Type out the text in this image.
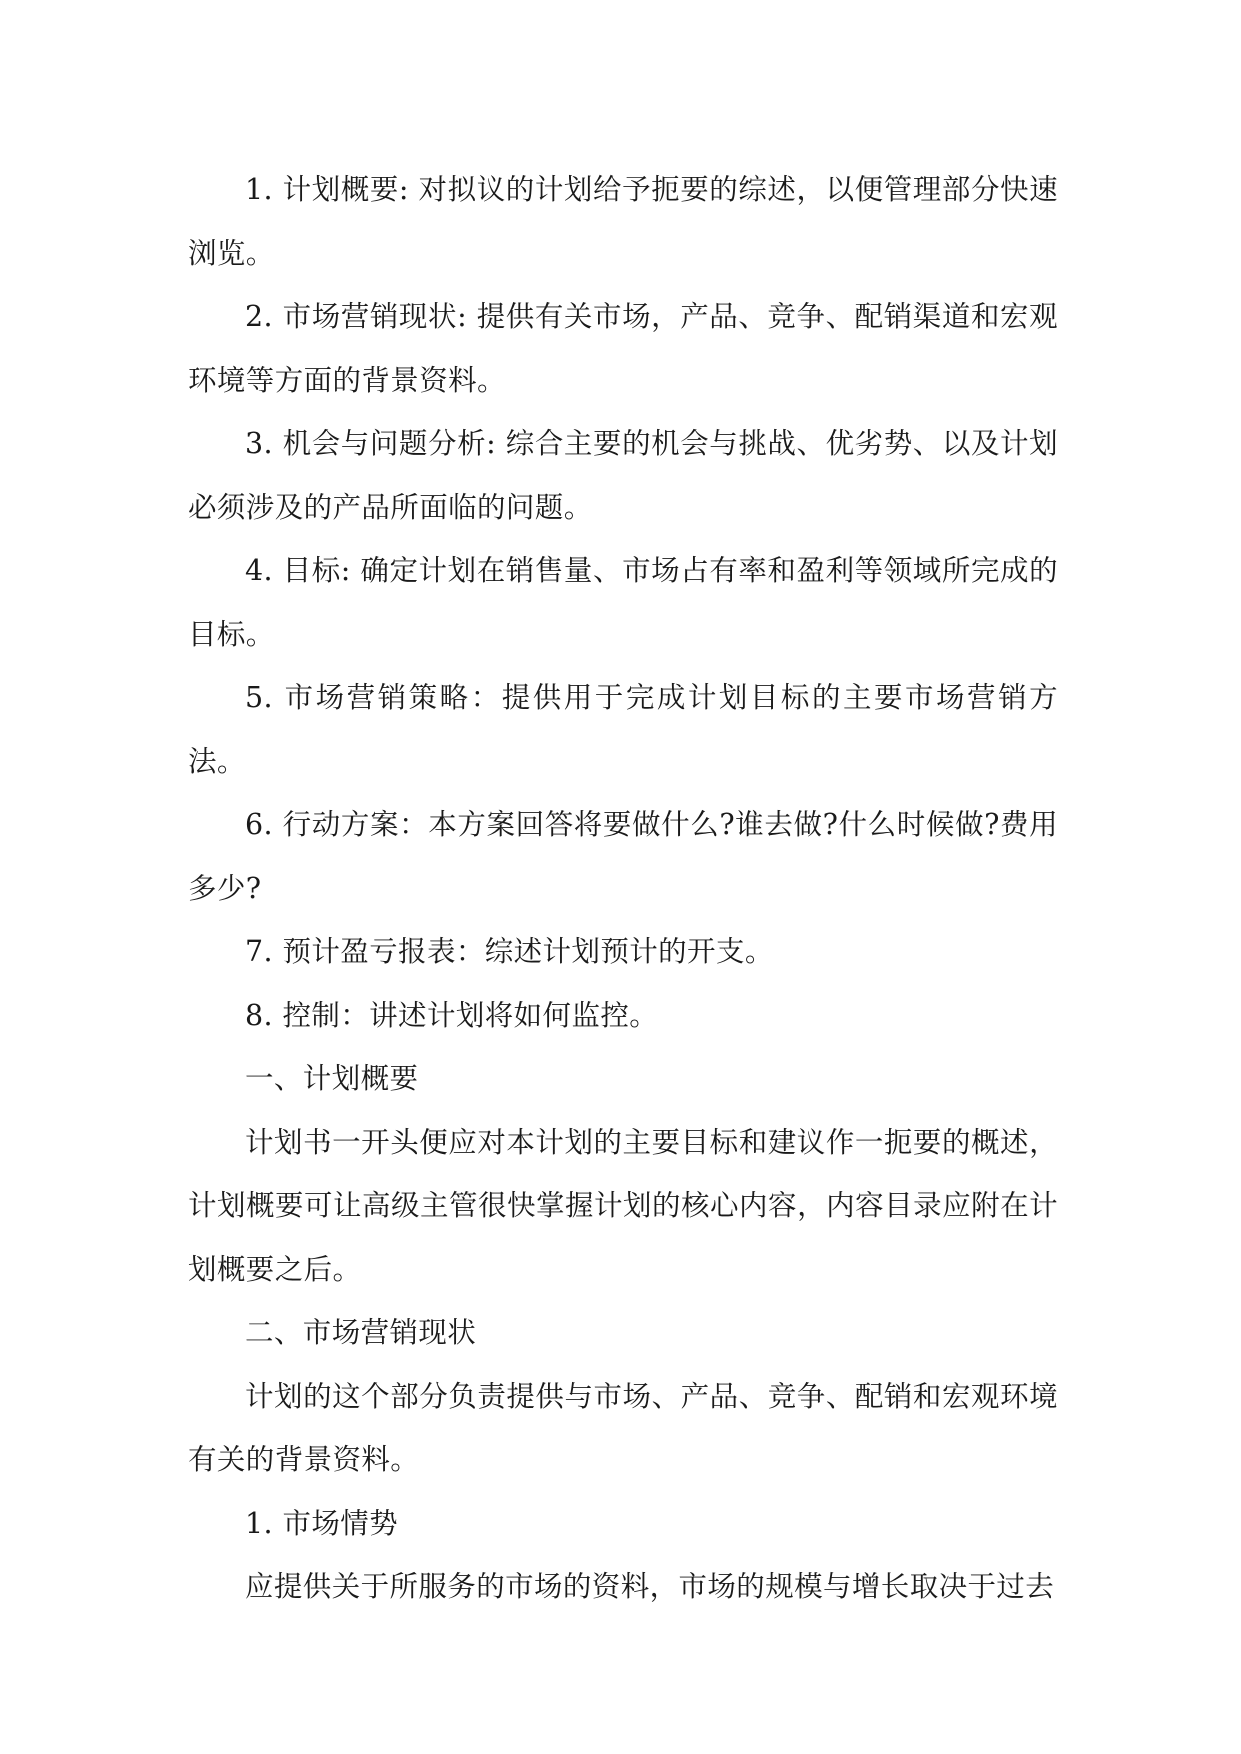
1. 计划概要: 对拟议的计划给予扼要的综述，以便管理部分快速浏览。

2. 市场营销现状: 提供有关市场，产品、竞争、配销渠道和宏观环境等方面的背景资料。

3. 机会与问题分析: 综合主要的机会与挑战、优劣势、以及计划必须涉及的产品所面临的问题。

4. 目标: 确定计划在销售量、市场占有率和盈利等领域所完成的目标。

5. 市场营销策略：提供用于完成计划目标的主要市场营销方法。

6. 行动方案：本方案回答将要做什么?谁去做?什么时候做?费用多少?

7. 预计盈亏报表：综述计划预计的开支。

8. 控制：讲述计划将如何监控。

一、计划概要

计划书一开头便应对本计划的主要目标和建议作一扼要的概述，计划概要可让高级主管很快掌握计划的核心内容，内容目录应附在计划概要之后。

二、市场营销现状

计划的这个部分负责提供与市场、产品、竞争、配销和宏观环境有关的背景资料。

1. 市场情势

应提供关于所服务的市场的资料，市场的规模与增长取决于过去
